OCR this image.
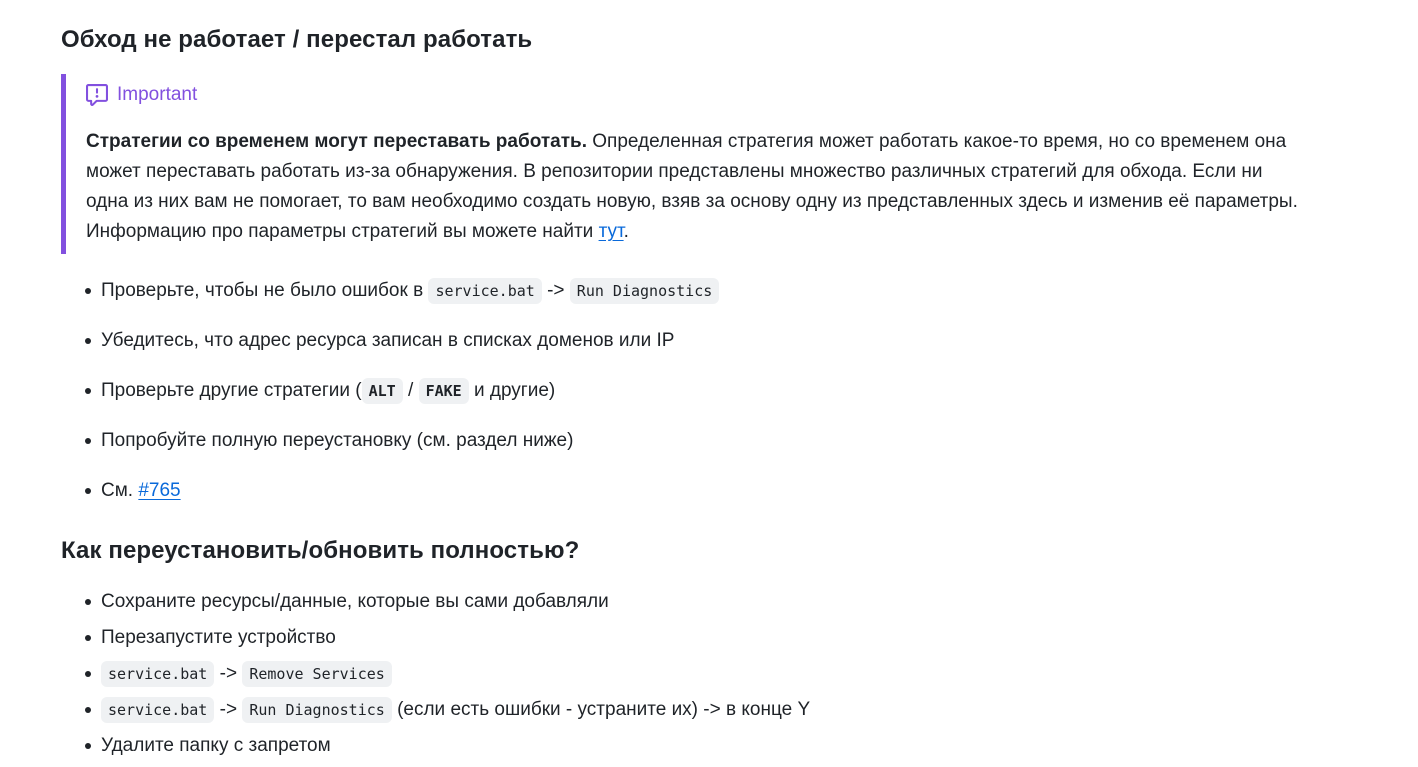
Обход не работает / перестал работать
Important
Стратегии со временем могут переставать работать. Определенная стратегия может работать какое-то время, но со временем она может переставать работать из-за обнаружения. В репозитории представлены множество различных стратегий для обхода. Если ни одна из них вам не помогает, то вам необходимо создать новую, взяв за основу одну из представленных здесь и изменив её параметры. Информацию про параметры стратегий вы можете найти тут.
Проверьте, чтобы не было ошибок в service.bat -> Run Diagnostics
Убедитесь, что адрес ресурса записан в списках доменов или IP
Проверьте другие стратегии ( ALT / FAKE и другие)
Попробуйте полную переустановку (см. раздел ниже)
См. #765
Как переустановить/обновить полностью?
Сохраните ресурсы/данные, которые вы сами добавляли
Перезапустите устройство
service.bat -> Remove Services
service.bat -> Run Diagnostics (если есть ошибки - устраните их) -> в конце Y
Удалите папку с запретом
